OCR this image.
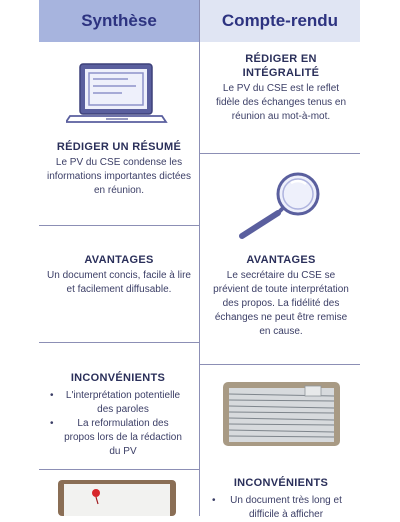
Synthèse	Compte-rendu
RÉDIGER UN RÉSUMÉ
Le PV du CSE condense les informations importantes dictées en réunion.
AVANTAGES
Un document concis, facile à lire et facilement diffusable.
INCONVÉNIENTS
• L'interprétation potentielle des paroles
• La reformulation des propos lors de la rédaction du PV
RÉDIGER EN INTÉGRALITÉ
Le PV du CSE est le reflet fidèle des échanges tenus en réunion au mot-à-mot.
AVANTAGES
Le secrétaire du CSE se prévient de toute interprétation des propos. La fidélité des échanges ne peut être remise en cause.
INCONVÉNIENTS
• Un document très long et difficile à afficher
